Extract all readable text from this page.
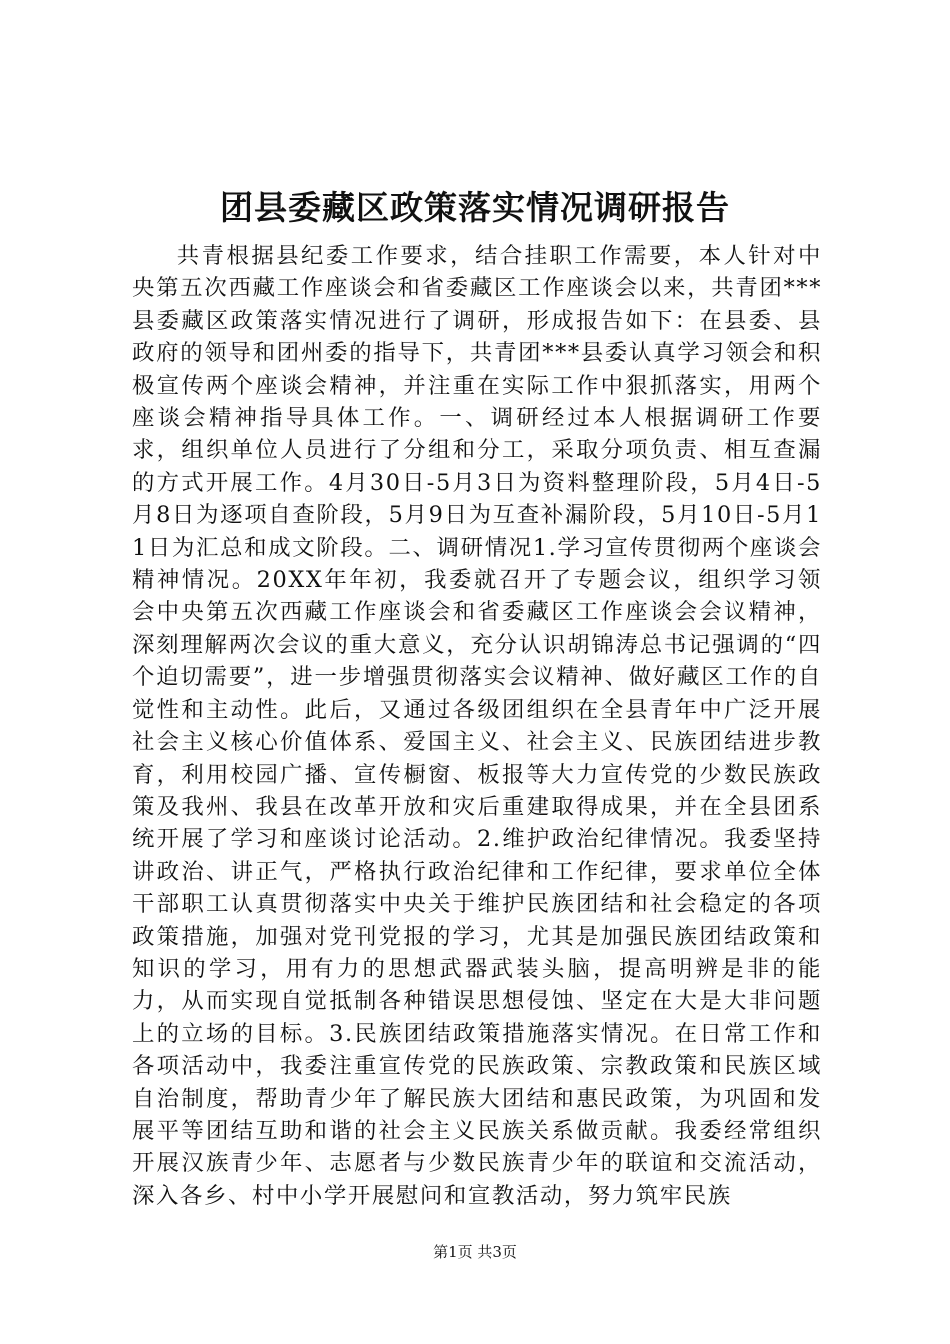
团县委藏区政策落实情况调研报告

共青根据县纪委工作要求，结合挂职工作需要，本人针对中央第五次西藏工作座谈会和省委藏区工作座谈会以来，共青团***县委藏区政策落实情况进行了调研，形成报告如下：在县委、县政府的领导和团州委的指导下，共青团***县委认真学习领会和积极宣传两个座谈会精神，并注重在实际工作中狠抓落实，用两个座谈会精神指导具体工作。一、调研经过本人根据调研工作要求，组织单位人员进行了分组和分工，采取分项负责、相互查漏的方式开展工作。4月30日-5月3日为资料整理阶段，5月4日-5月8日为逐项自查阶段，5月9日为互查补漏阶段，5月10日-5月11日为汇总和成文阶段。二、调研情况1.学习宣传贯彻两个座谈会精神情况。20XX年年初，我委就召开了专题会议，组织学习领会中央第五次西藏工作座谈会和省委藏区工作座谈会会议精神，深刻理解两次会议的重大意义，充分认识胡锦涛总书记强调的“四个迫切需要”，进一步增强贯彻落实会议精神、做好藏区工作的自觉性和主动性。此后，又通过各级团组织在全县青年中广泛开展社会主义核心价值体系、爱国主义、社会主义、民族团结进步教育，利用校园广播、宣传橱窗、板报等大力宣传党的少数民族政策及我州、我县在改革开放和灾后重建取得成果，并在全县团系统开展了学习和座谈讨论活动。2.维护政治纪律情况。我委坚持讲政治、讲正气，严格执行政治纪律和工作纪律，要求单位全体干部职工认真贯彻落实中央关于维护民族团结和社会稳定的各项政策措施，加强对党刊党报的学习，尤其是加强民族团结政策和知识的学习，用有力的思想武器武装头脑，提高明辨是非的能力，从而实现自觉抵制各种错误思想侵蚀、坚定在大是大非问题上的立场的目标。3.民族团结政策措施落实情况。在日常工作和各项活动中，我委注重宣传党的民族政策、宗教政策和民族区域自治制度，帮助青少年了解民族大团结和惠民政策，为巩固和发展平等团结互助和谐的社会主义民族关系做贡献。我委经常组织开展汉族青少年、志愿者与少数民族青少年的联谊和交流活动，深入各乡、村中小学开展慰问和宣教活动，努力筑牢民族

第1页 共3页
